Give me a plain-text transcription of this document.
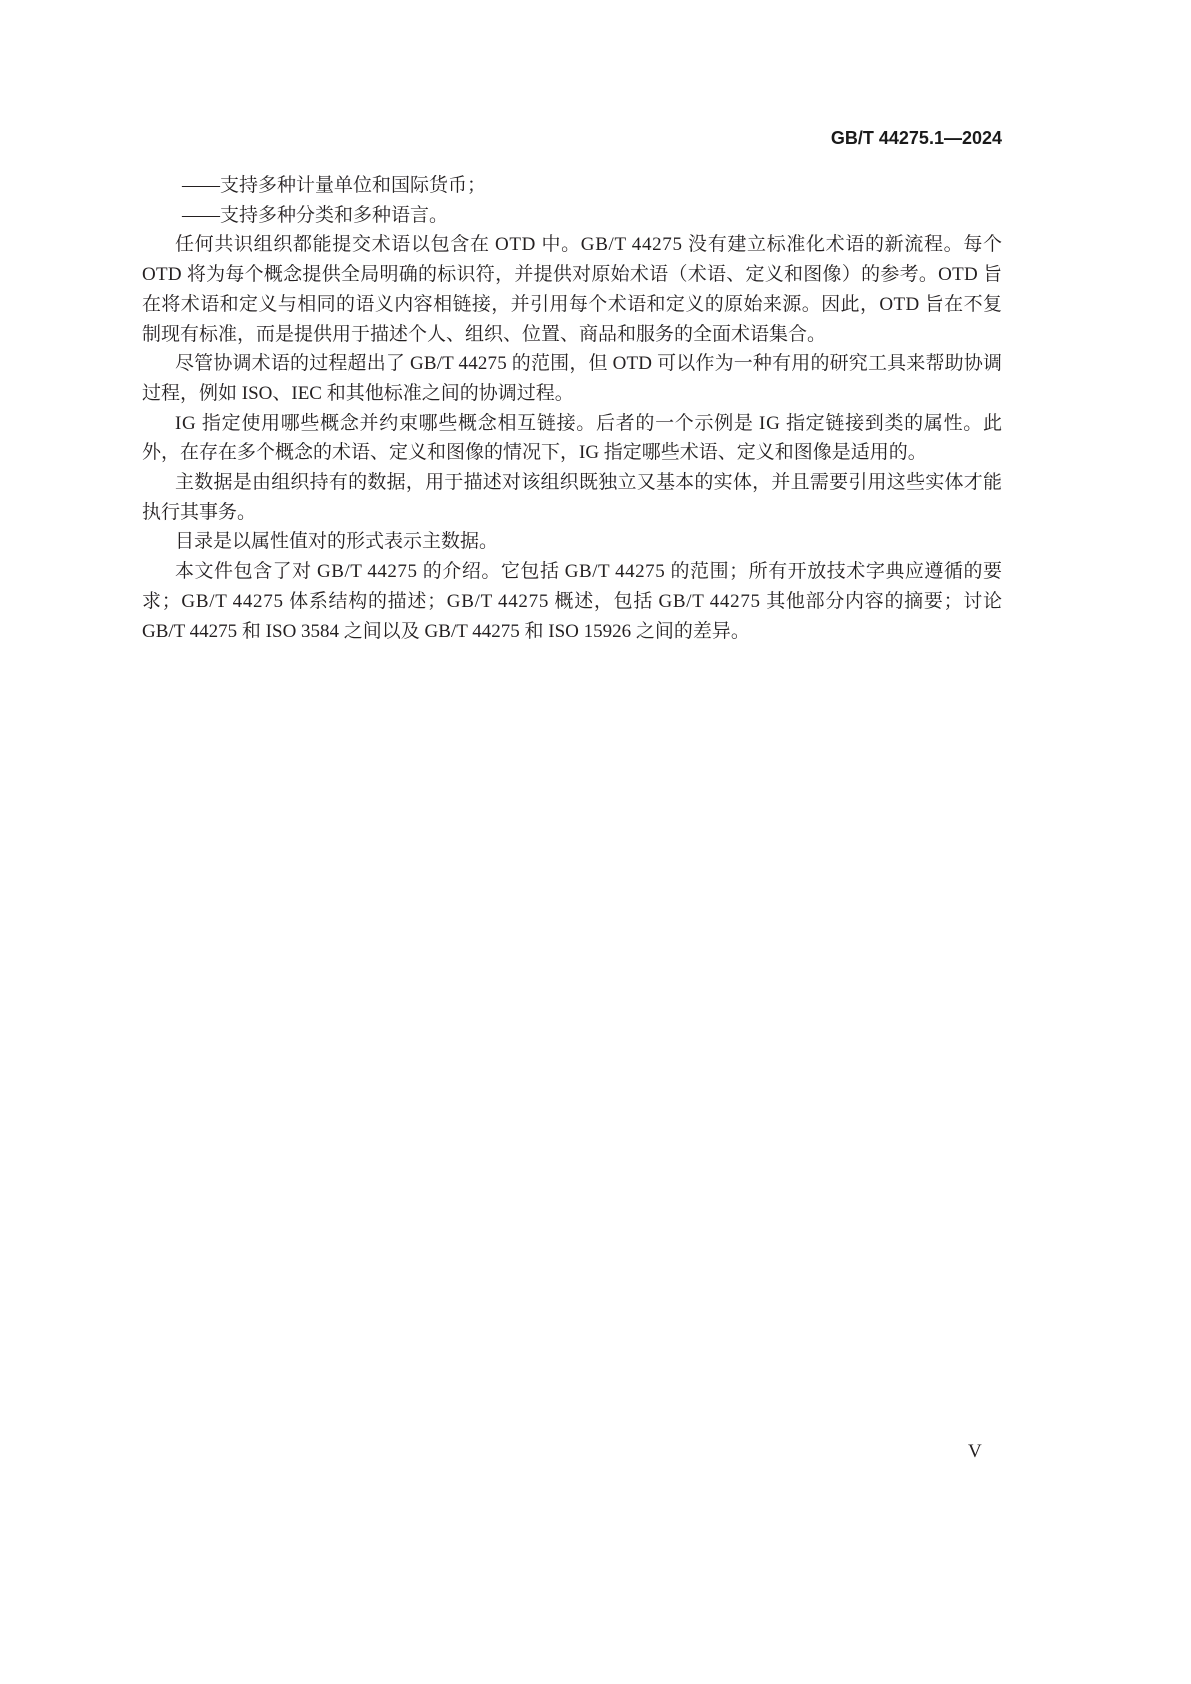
GB/T 44275.1—2024
——支持多种计量单位和国际货币；
——支持多种分类和多种语言。
任何共识组织都能提交术语以包含在 OTD 中。GB/T 44275 没有建立标准化术语的新流程。每个
OTD 将为每个概念提供全局明确的标识符，并提供对原始术语（术语、定义和图像）的参考。OTD 旨
在将术语和定义与相同的语义内容相链接，并引用每个术语和定义的原始来源。因此，OTD 旨在不复
制现有标准，而是提供用于描述个人、组织、位置、商品和服务的全面术语集合。
尽管协调术语的过程超出了 GB/T 44275 的范围，但 OTD 可以作为一种有用的研究工具来帮助协调
过程，例如 ISO、IEC 和其他标准之间的协调过程。
IG 指定使用哪些概念并约束哪些概念相互链接。后者的一个示例是 IG 指定链接到类的属性。此
外，在存在多个概念的术语、定义和图像的情况下，IG 指定哪些术语、定义和图像是适用的。
主数据是由组织持有的数据，用于描述对该组织既独立又基本的实体，并且需要引用这些实体才能
执行其事务。
目录是以属性值对的形式表示主数据。
本文件包含了对 GB/T 44275 的介绍。它包括 GB/T 44275 的范围；所有开放技术字典应遵循的要
求；GB/T 44275 体系结构的描述；GB/T 44275 概述，包括 GB/T 44275 其他部分内容的摘要；讨论
GB/T 44275 和 ISO 3584 之间以及 GB/T 44275 和 ISO 15926 之间的差异。
V
